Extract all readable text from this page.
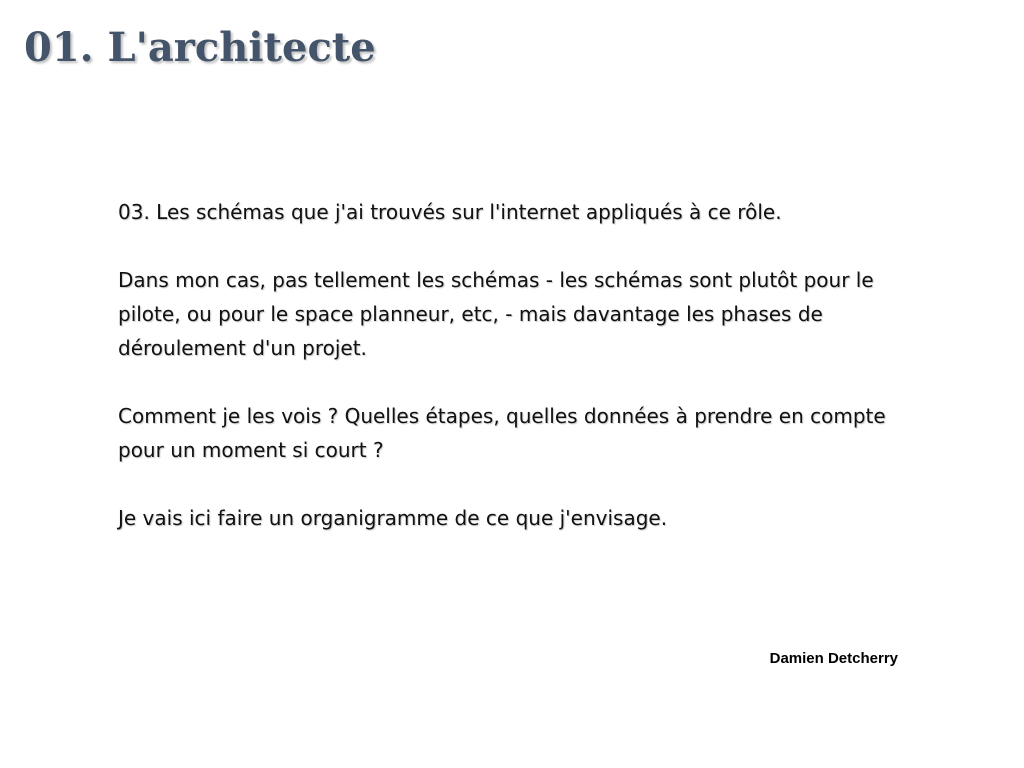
01. L'architecte

03. Les schémas que j'ai trouvés sur l'internet appliqués à ce rôle.

Dans mon cas, pas tellement les schémas - les schémas sont plutôt pour le pilote, ou pour le space planneur, etc, - mais davantage les phases de déroulement d'un projet.

Comment je les vois ? Quelles étapes, quelles données à prendre en compte pour un moment si court ?

Je vais ici faire un organigramme de ce que j'envisage.

Damien Detcherry
